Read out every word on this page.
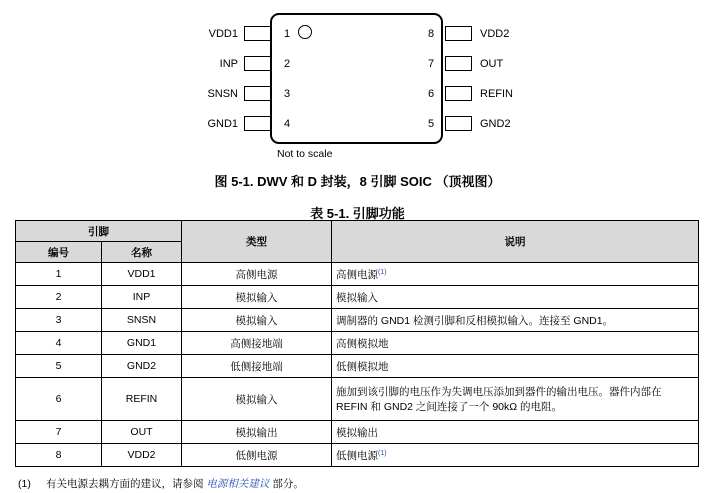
VDD1
INP
SNSN
GND1
1
2
3
4
VDD2
OUT
REFIN
GND2
8
7
6
5
Not to scale
图 5-1. DWV 和 D 封装，8 引脚 SOIC （顶视图）
表 5-1. 引脚功能
引脚		类型	说明
编号	名称		
1	VDD1	高侧电源	高侧电源$^{(1)}$
2	INP	模拟输入	模拟输入
3	SNSN	模拟输入	调制器的 GND1 检测引脚和反相模拟输入。连接至 GND1。
4	GND1	高侧接地端	高侧模拟地
5	GND2	低侧接地端	低侧模拟地
6	REFIN	模拟输入	施加到该引脚的电压作为失调电压添加到器件的输出电压。器件内部在
REFIN 和 GND2 之间连接了一个 90kΩ 的电阻。

7	OUT	模拟输出	模拟输出
8	VDD2	低侧电源	低侧电源$^{(1)}$
(1) 有关电源去耦方面的建议，请参阅 电源相关建议 部分。
